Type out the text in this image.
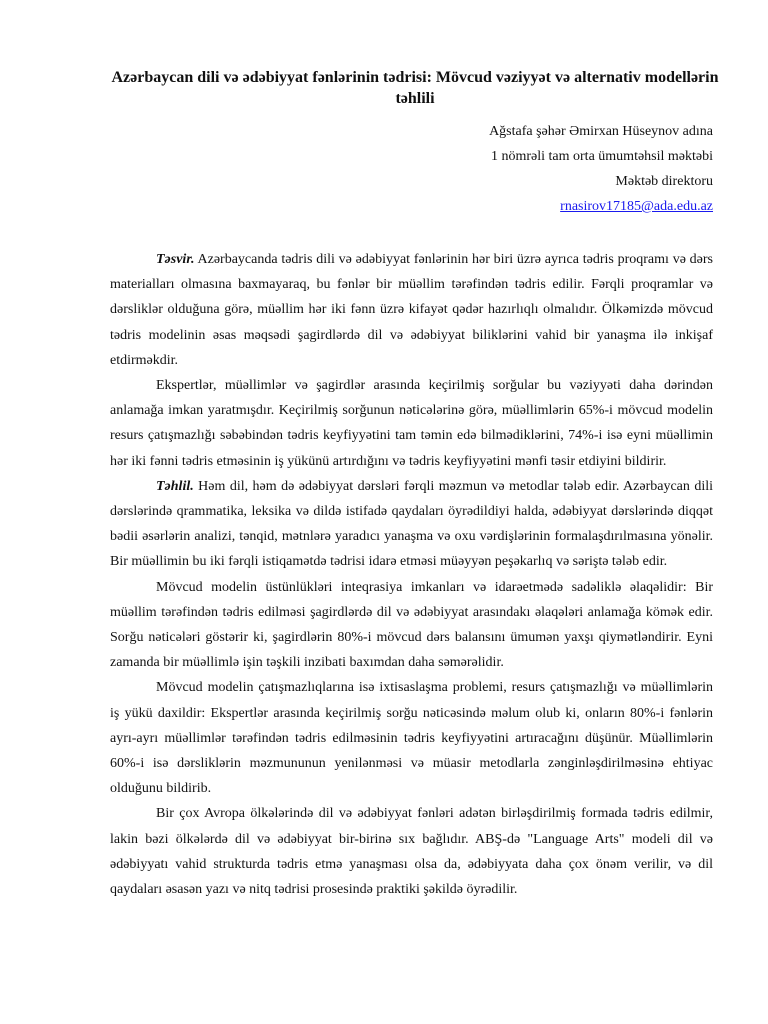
Azərbaycan dili və ədəbiyyat fənlərinin tədrisi: Mövcud vəziyyət və alternativ modellərin təhlili
Ağstafa şəhər Əmirxan Hüseynov adına
1 nömrəli tam orta ümumtəhsil məktəbi
Məktəb direktoru
rnasirov17185@ada.edu.az

Təsvir. Azərbaycanda tədris dili və ədəbiyyat fənlərinin hər biri üzrə ayrıca tədris proqramı və dərs materialları olmasına baxmayaraq, bu fənlər bir müəllim tərəfindən tədris edilir. Fərqli proqramlar və dərsliklər olduğuna görə, müəllim hər iki fənn üzrə kifayət qədər hazırlıqlı olmalıdır. Ölkəmizdə mövcud tədris modelinin əsas məqsədi şagirdlərdə dil və ədəbiyyat biliklərini vahid bir yanaşma ilə inkişaf etdirməkdir.

Ekspertlər, müəllimlər və şagirdlər arasında keçirilmiş sorğular bu vəziyyəti daha dərindən anlamağa imkan yaratmışdır. Keçirilmiş sorğunun nəticələrinə görə, müəllimlərin 65%-i mövcud modelin resurs çatışmazlığı səbəbindən tədris keyfiyyətini tam təmin edə bilmədiklərini, 74%-i isə eyni müəllimin hər iki fənni tədris etməsinin iş yükünü artırdığını və tədris keyfiyyətini mənfi təsir etdiyini bildirir.

Təhlil. Həm dil, həm də ədəbiyyat dərsləri fərqli məzmun və metodlar tələb edir. Azərbaycan dili dərslərində qrammatika, leksika və dildə istifadə qaydaları öyrədildiyi halda, ədəbiyyat dərslərində diqqət bədii əsərlərin analizi, tənqid, mətnlərə yaradıcı yanaşma və oxu vərdişlərinin formalaşdırılmasına yönəlir. Bir müəllimin bu iki fərqli istiqamətdə tədrisi idarə etməsi müəyyən peşəkarlıq və səriştə tələb edir.

Mövcud modelin üstünlükləri inteqrasiya imkanları və idarəetmədə sadəliklə əlaqəlidir: Bir müəllim tərəfindən tədris edilməsi şagirdlərdə dil və ədəbiyyat arasındakı əlaqələri anlamağa kömək edir. Sorğu nəticələri göstərir ki, şagirdlərin 80%-i mövcud dərs balansını ümumən yaxşı qiymətləndirir. Eyni zamanda bir müəllimlə işin təşkili inzibati baxımdan daha səmərəlidir.

Mövcud modelin çatışmazlıqlarına isə ixtisaslaşma problemi, resurs çatışmazlığı və müəllimlərin iş yükü daxildir: Ekspertlər arasında keçirilmiş sorğu nəticəsində məlum olub ki, onların 80%-i fənlərin ayrı-ayrı müəllimlər tərəfindən tədris edilməsinin tədris keyfiyyətini artıracağını düşünür. Müəllimlərin 60%-i isə dərsliklərin məzmununun yenilənməsi və müasir metodlarla zənginləşdirilməsinə ehtiyac olduğunu bildirib.

Bir çox Avropa ölkələrində dil və ədəbiyyat fənləri adətən birləşdirilmiş formada tədris edilmir, lakin bəzi ölkələrdə dil və ədəbiyyat bir-birinə sıx bağlıdır. ABŞ-də "Language Arts" modeli dil və ədəbiyyatı vahid strukturda tədris etmə yanaşması olsa da, ədəbiyyata daha çox önəm verilir, və dil qaydaları əsasən yazı və nitq tədrisi prosesində praktiki şəkildə öyrədilir.
